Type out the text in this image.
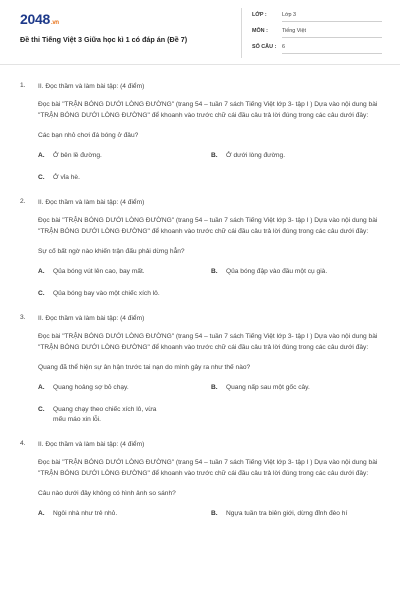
2048.vn
Đề thi Tiếng Việt 3 Giữa học kì 1 có đáp án (Đề 7)
LỚP :	Lớp 3
MÔN :	Tiếng Việt
SỐ CÂU :	6
1. II. Đọc thầm và làm bài tập: (4 điểm)
Đọc bài "TRẬN BÓNG DƯỚI LÒNG ĐƯỜNG" (trang 54 – tuần 7 sách Tiếng Việt lớp 3- tập I ) Dựa vào nội dung bài "TRẬN BÓNG DƯỚI LÒNG ĐƯỜNG" để khoanh vào trước chữ cái đầu câu trả lời đúng trong các câu dưới đây:
Các bạn nhỏ chơi đá bóng ở đâu?
A.	Ở bên lề đường.	B.	Ở dưới lòng đường.
C.	Ở vỉa hè.
2. II. Đọc thầm và làm bài tập: (4 điểm)
Đọc bài "TRẬN BÓNG DƯỚI LÒNG ĐƯỜNG" (trang 54 – tuần 7 sách Tiếng Việt lớp 3- tập I ) Dựa vào nội dung bài "TRẬN BÓNG DƯỚI LÒNG ĐƯỜNG" để khoanh vào trước chữ cái đầu câu trả lời đúng trong các câu dưới đây:
Sự cố bất ngờ nào khiến trận đấu phải dừng hẳn?
A.	Qủa bóng vút lên cao, bay mất.	B.	Qủa bóng đập vào đầu một cụ già.
C.	Qủa bóng bay vào một chiếc xích lô.
3. II. Đọc thầm và làm bài tập: (4 điểm)
Đọc bài "TRẬN BÓNG DƯỚI LÒNG ĐƯỜNG" (trang 54 – tuần 7 sách Tiếng Việt lớp 3- tập I ) Dựa vào nội dung bài "TRẬN BÓNG DƯỚI LÒNG ĐƯỜNG" để khoanh vào trước chữ cái đầu câu trả lời đúng trong các câu dưới đây:
Quang đã thể hiện sự ân hận trước tai nạn do mình gây ra như thế nào?
A.	Quang hoảng sợ bỏ chạy.	B.	Quang nấp sau một gốc cây.
C.	Quang chạy theo chiếc xích lô, vừa mếu máo xin lỗi.
4. II. Đọc thầm và làm bài tập: (4 điểm)
Đọc bài "TRẬN BÓNG DƯỚI LÒNG ĐƯỜNG" (trang 54 – tuần 7 sách Tiếng Việt lớp 3- tập I ) Dựa vào nội dung bài "TRẬN BÓNG DƯỚI LÒNG ĐƯỜNG" để khoanh vào trước chữ cái đầu câu trả lời đúng trong các câu dưới đây:
Câu nào dưới đây không có hình ảnh so sánh?
A.	Ngôi nhà như trẻ nhỏ.	B.	Ngựa tuần tra biên giới, dừng đỉnh đèo hí
